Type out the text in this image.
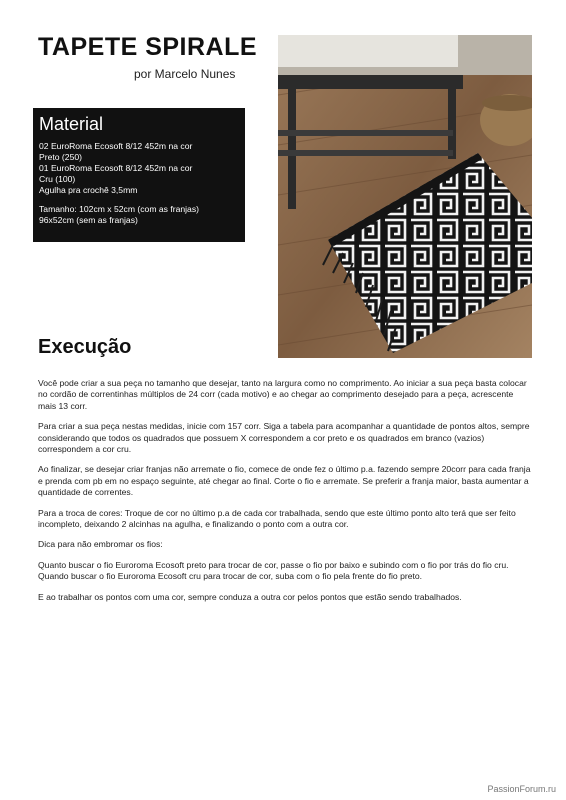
TAPETE SPIRALE
por Marcelo Nunes
Material
02 EuroRoma Ecosoft 8/12 452m na cor
Preto (250)
01 EuroRoma Ecosoft 8/12 452m na cor
Cru (100)
Agulha pra crochê 3,5mm
Tamanho: 102cm x 52cm (com as franjas)
96x52cm (sem as franjas)
Execução

Você pode criar a sua peça no tamanho que desejar, tanto na largura como no comprimento. Ao iniciar a sua peça basta colocar no cordão de correntinhas múltiplos de 24 corr (cada motivo) e ao chegar ao comprimento desejado para a peça, acrescente mais 13 corr.

Para criar a sua peça nestas medidas, inicie com 157 corr. Siga a tabela para acompanhar a quantidade de pontos altos, sempre considerando que todos os quadrados que possuem X correspondem a cor preto e os quadrados em branco (vazios) correspondem a cor cru.

Ao finalizar, se desejar criar franjas não arremate o fio, comece de onde fez o último p.a. fazendo sempre 20corr para cada franja e prenda com pb em no espaço seguinte, até chegar ao final. Corte o fio e arremate. Se preferir a franja maior, basta aumentar a quantidade de correntes.

Para a troca de cores: Troque de cor no último p.a de cada cor trabalhada, sendo que este último ponto alto terá que ser feito incompleto, deixando 2 alcinhas na agulha, e finalizando o ponto com a outra cor.

Dica para não embromar os fios:

Quanto buscar o fio Euroroma Ecosoft preto para trocar de cor, passe o fio por baixo e subindo com o fio por trás do fio cru. Quando buscar o fio Euroroma Ecosoft cru para trocar de cor, suba com o fio pela frente do fio preto.

E ao trabalhar os pontos com uma cor, sempre conduza a outra cor pelos pontos que estão sendo trabalhados.

PassionForum.ru
